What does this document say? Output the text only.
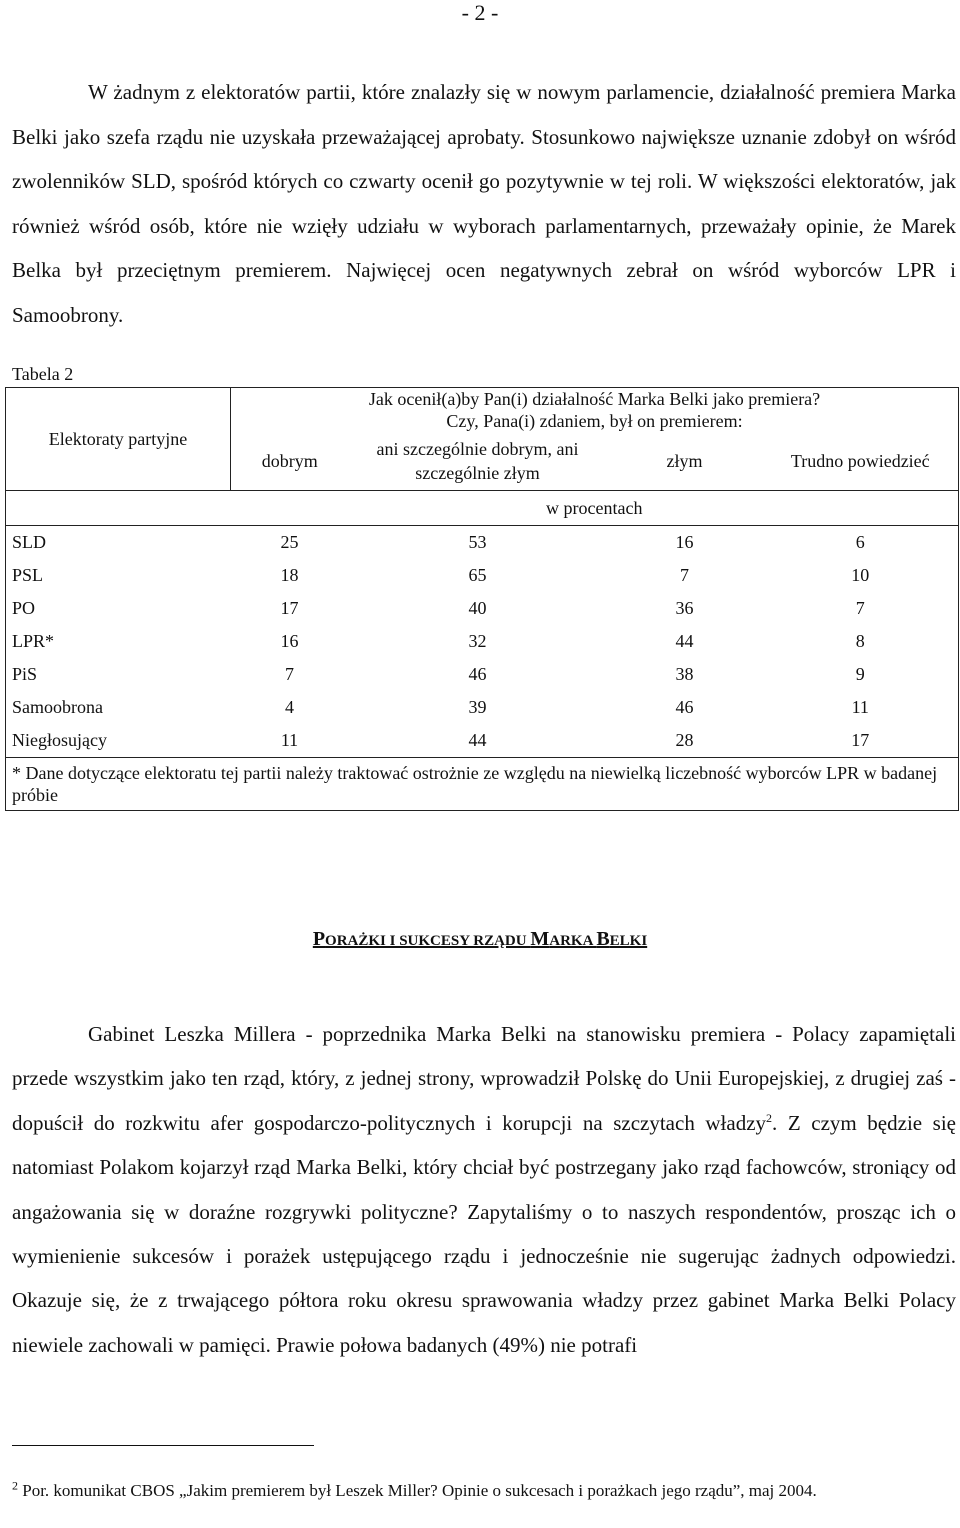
- 2 -

W żadnym z elektoratów partii, które znalazły się w nowym parlamencie, działalność premiera Marka Belki jako szefa rządu nie uzyskała przeważającej aprobaty. Stosunkowo największe uznanie zdobył on wśród zwolenników SLD, spośród których co czwarty ocenił go pozytywnie w tej roli. W większości elektoratów, jak również wśród osób, które nie wzięły udziału w wyborach parlamentarnych, przeważały opinie, że Marek Belka był przeciętnym premierem. Najwięcej ocen negatywnych zebrał on wśród wyborców LPR i Samoobrony.

Tabela 2
Elektoraty partyjne	Jak ocenił(a)by Pan(i) działalność Marka Belki jako premiera?
Czy, Pana(i) zdaniem, był on premierem:			

	dobrym	ani szczególnie dobrym, ani szczególnie złym	złym	Trudno powiedzieć
	w procentach			
SLD	25	53	16	6
PSL	18	65	7	10
PO	17	40	36	7
LPR*	16	32	44	8
PiS	7	46	38	9
Samoobrona	4	39	46	11
Niegłosujący	11	44	28	17
* Dane dotyczące elektoratu tej partii należy traktować ostrożnie ze względu na niewielką liczebność wyborców LPR w badanej próbie				
PORAŻKI I SUKCESY RZĄDU MARKA BELKI

Gabinet Leszka Millera - poprzednika Marka Belki na stanowisku premiera - Polacy zapamiętali przede wszystkim jako ten rząd, który, z jednej strony, wprowadził Polskę do Unii Europejskiej, z drugiej zaś - dopuścił do rozkwitu afer gospodarczo-politycznych i korupcji na szczytach władzy$^2$. Z czym będzie się natomiast Polakom kojarzył rząd Marka Belki, który chciał być postrzegany jako rząd fachowców, stroniący od angażowania się w doraźne rozgrywki polityczne? Zapytaliśmy o to naszych respondentów, prosząc ich o wymienienie sukcesów i porażek ustępującego rządu i jednocześnie nie sugerując żadnych odpowiedzi. Okazuje się, że z trwającego półtora roku okresu sprawowania władzy przez gabinet Marka Belki Polacy niewiele zachowali w pamięci. Prawie połowa badanych (49%) nie potrafi

$^2$ Por. komunikat CBOS „Jakim premierem był Leszek Miller? Opinie o sukcesach i porażkach jego rządu”, maj 2004.
